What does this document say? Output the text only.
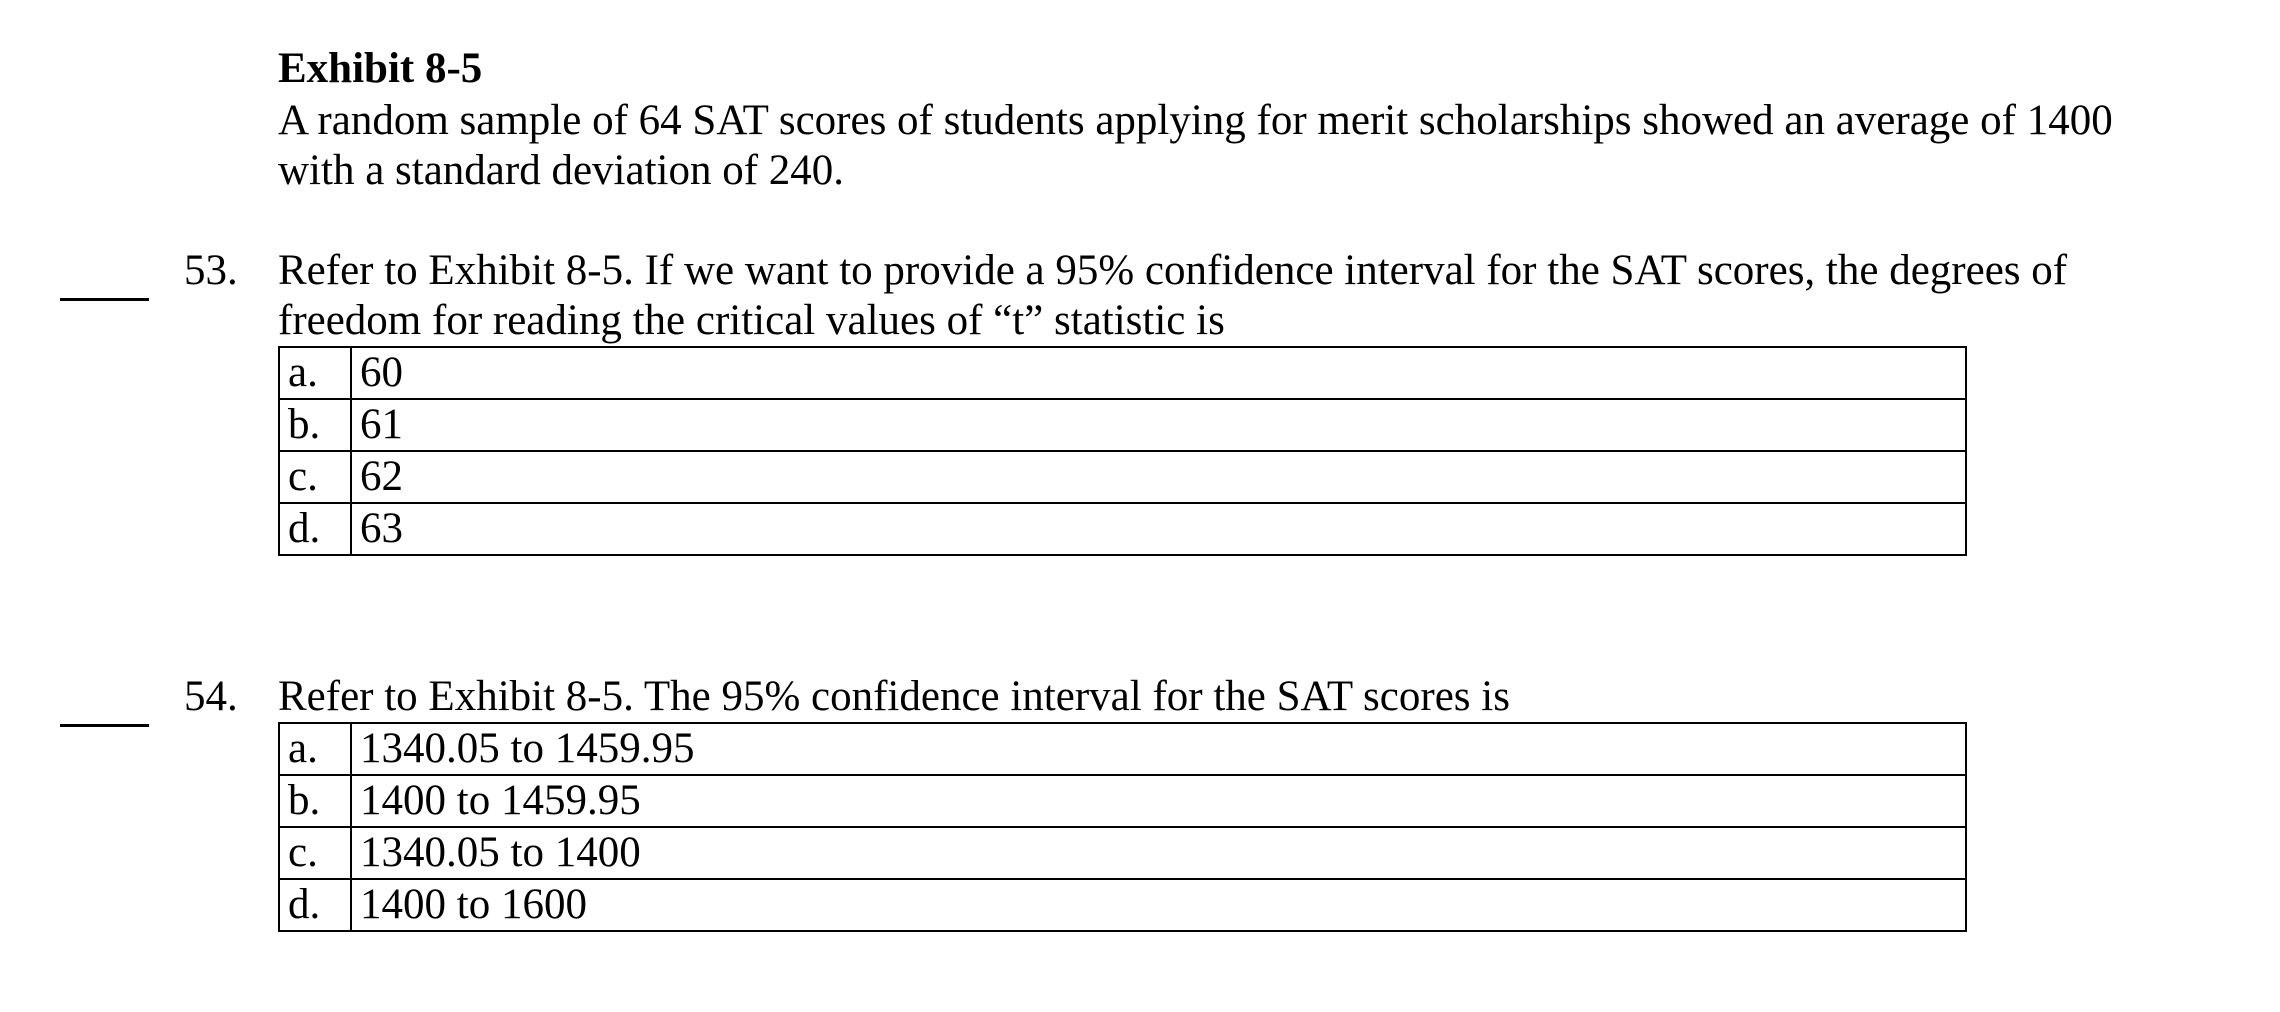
Exhibit 8-5
A random sample of 64 SAT scores of students applying for merit scholarships showed an average of 1400
with a standard deviation of 240.
53. Refer to Exhibit 8-5. If we want to provide a 95% confidence interval for the SAT scores, the degrees of
freedom for reading the critical values of “t” statistic is
a.	60
b.	61
c.	62
d.	63
54. Refer to Exhibit 8-5. The 95% confidence interval for the SAT scores is
a.	1340.05 to 1459.95
b.	1400 to 1459.95
c.	1340.05 to 1400
d.	1400 to 1600
